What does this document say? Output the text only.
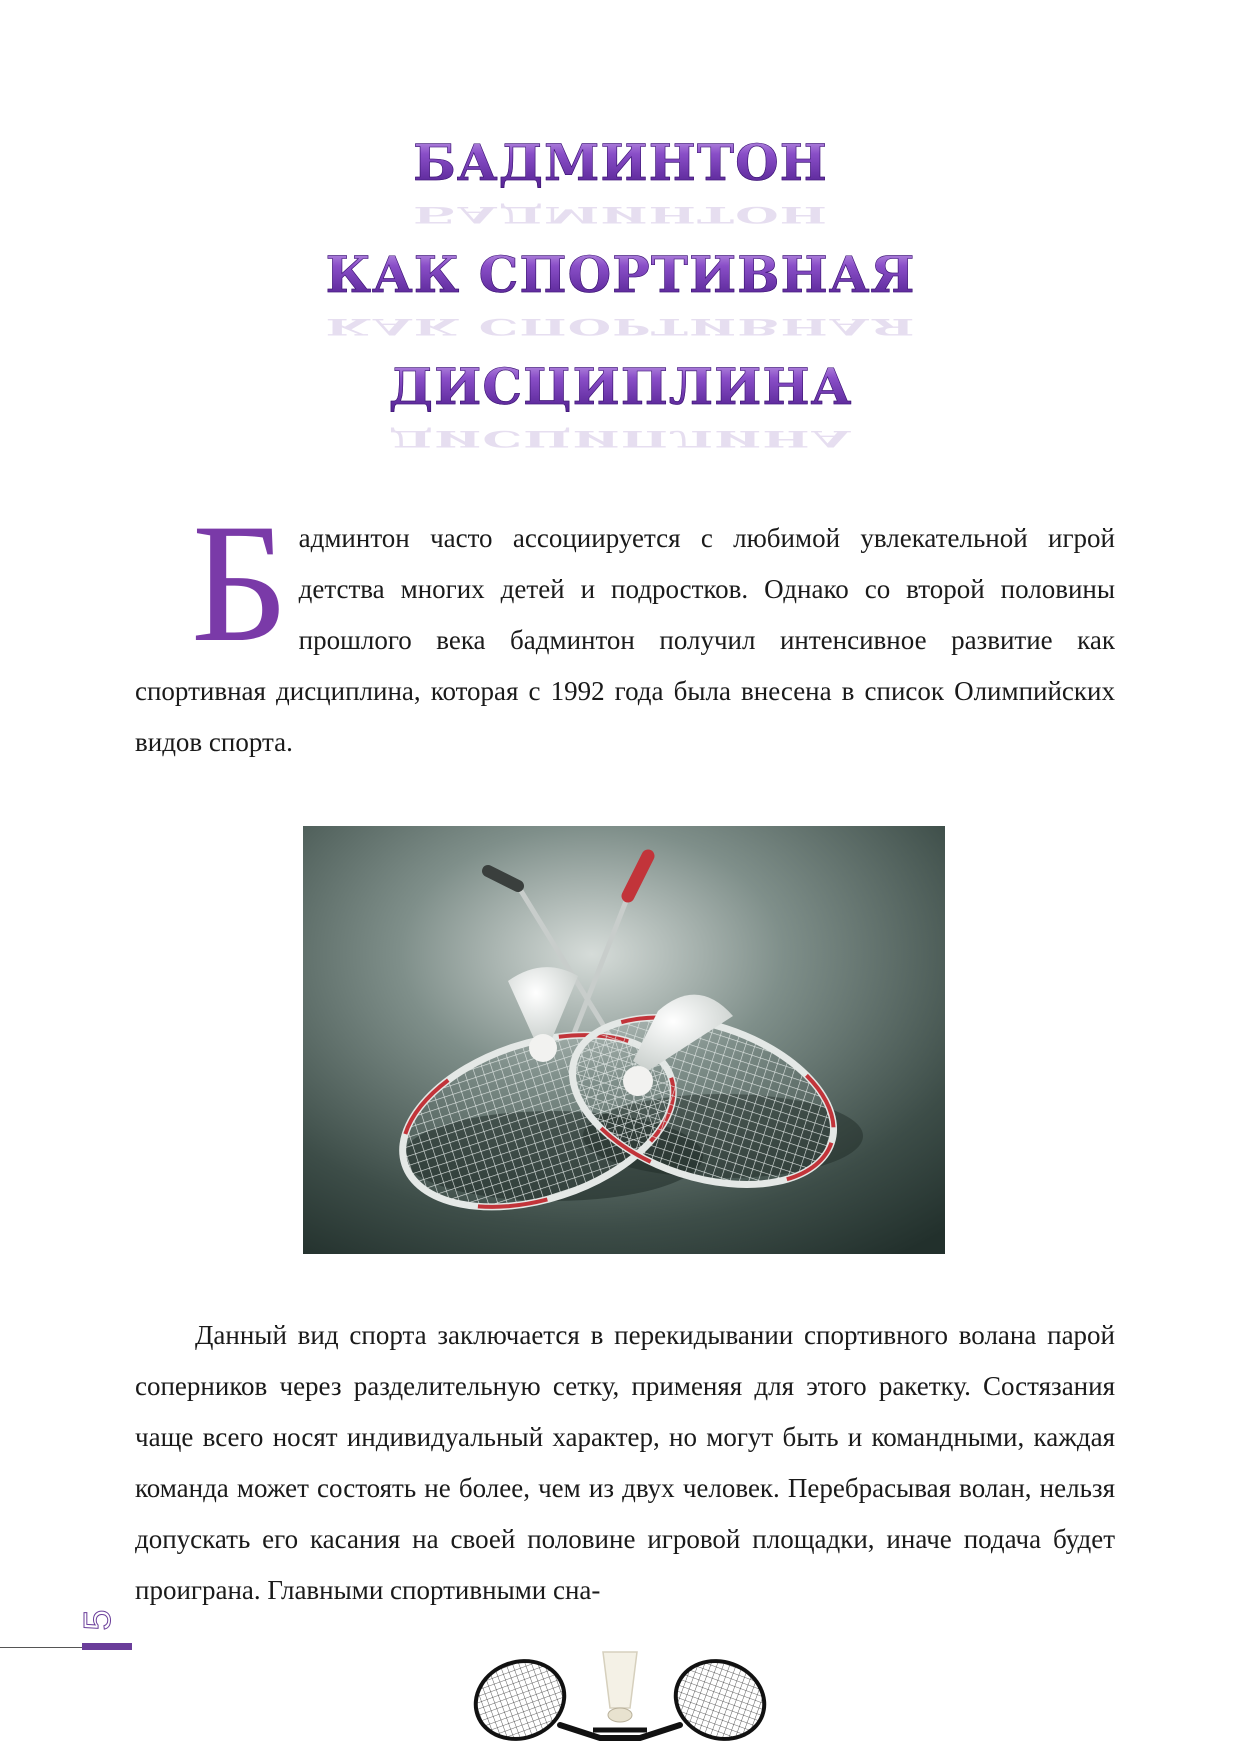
БАДМИНТОН
КАК СПОРТИВНАЯ
ДИСЦИПЛИНА
БАДМИНТОН
КАК СПОРТИВНАЯ
ДИСЦИПЛИНА
Б админтон часто ассоциируется с любимой увлекательной игрой детства многих детей и подростков. Однако со второй половины прошлого века бадминтон получил интенсивное развитие как спортивная дисциплина, которая с 1992 года была внесена в список Олимпийских видов спорта.
Данный вид спорта заключается в перекидывании спортивного волана парой соперников через разделительную сетку, применяя для этого ракетку. Состязания чаще всего носят индивидуальный характер, но могут быть и командными, каждая команда может состоять не более, чем из двух человек. Перебрасывая волан, нельзя допускать его касания на своей половине игровой площадки, иначе подача будет проиграна. Главными спортивными сна-
5
